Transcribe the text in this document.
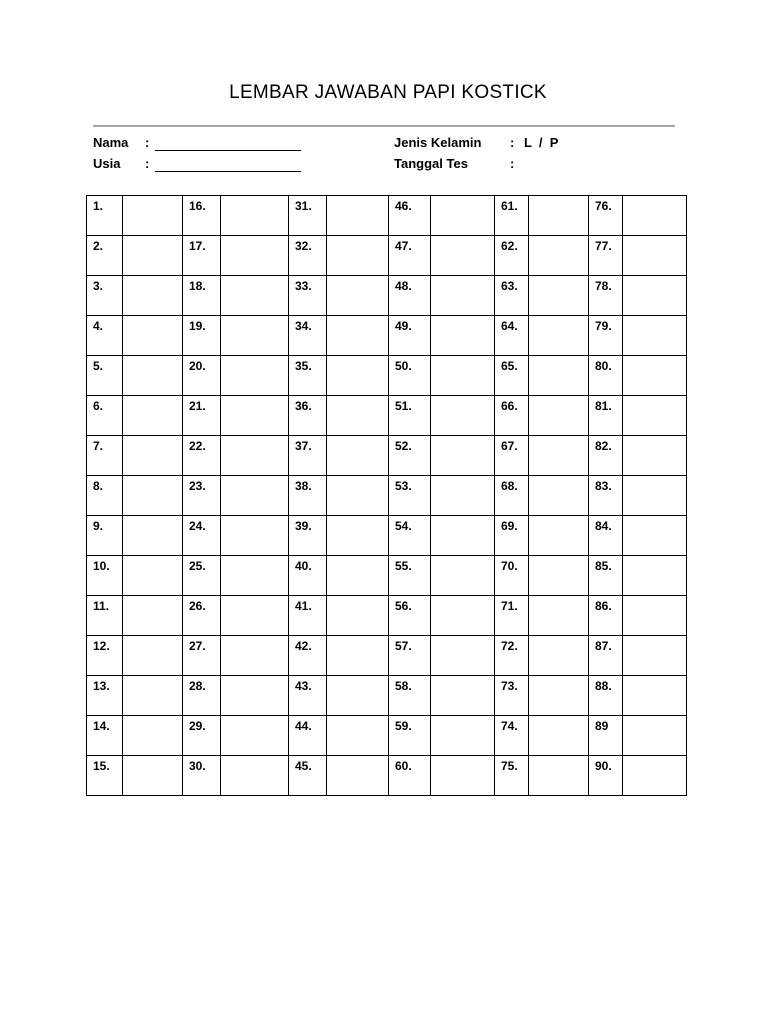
LEMBAR JAWABAN PAPI KOSTICK
Nama :
Usia :
Jenis Kelamin : L  /  P
Tanggal Tes	:
1.		16.		31.		46.		61.		76.	

2.		17.		32.		47.		62.		77.	

3.		18.		33.		48.		63.		78.	

4.		19.		34.		49.		64.		79.	

5.		20.		35.		50.		65.		80.	

6.		21.		36.		51.		66.		81.	

7.		22.		37.		52.		67.		82.	

8.		23.		38.		53.		68.		83.	

9.		24.		39.		54.		69.		84.	

10.		25.		40.		55.		70.		85.	

11.		26.		41.		56.		71.		86.	

12.		27.		42.		57.		72.		87.	

13.		28.		43.		58.		73.		88.	

14.		29.		44.		59.		74.		89	

15.		30.		45.		60.		75.		90.	
